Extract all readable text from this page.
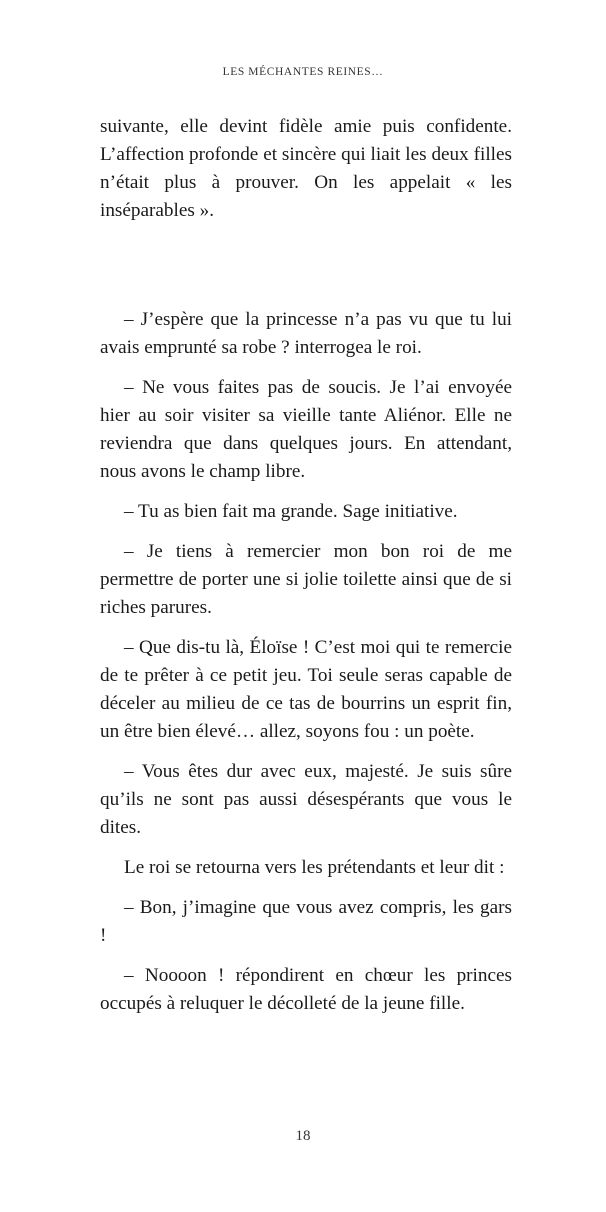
LES MÉCHANTES REINES…

suivante, elle devint fidèle amie puis confidente. L’affection profonde et sincère qui liait les deux filles n’était plus à prouver. On les appelait « les inséparables ».

– J’espère que la princesse n’a pas vu que tu lui avais emprunté sa robe ? interrogea le roi.

– Ne vous faites pas de soucis. Je l’ai envoyée hier au soir visiter sa vieille tante Aliénor. Elle ne reviendra que dans quelques jours. En attendant, nous avons le champ libre.

– Tu as bien fait ma grande. Sage initiative.

– Je tiens à remercier mon bon roi de me permettre de porter une si jolie toilette ainsi que de si riches parures.

– Que dis-tu là, Éloïse ! C’est moi qui te remercie de te prêter à ce petit jeu. Toi seule seras capable de déceler au milieu de ce tas de bourrins un esprit fin, un être bien élevé… allez, soyons fou : un poète.

– Vous êtes dur avec eux, majesté. Je suis sûre qu’ils ne sont pas aussi désespérants que vous le dites.

Le roi se retourna vers les prétendants et leur dit :

– Bon, j’imagine que vous avez compris, les gars !

– Noooon ! répondirent en chœur les princes occupés à reluquer le décolleté de la jeune fille.

18
